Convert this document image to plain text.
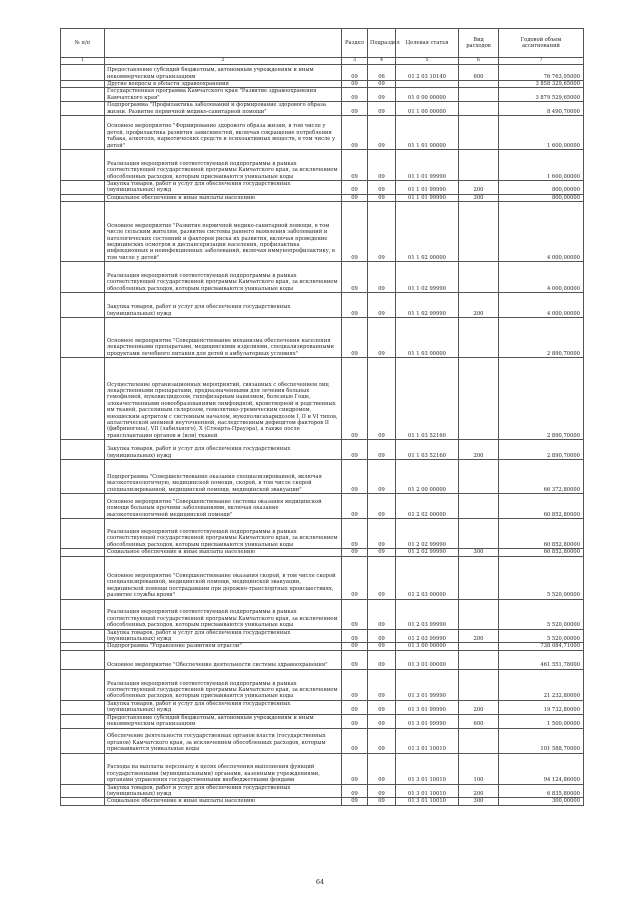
№ п/п		Раздел	Подраздел	Целевая статья	Вид расходов	Годовой объем ассигнований
1	2	3	4	5	6	7
	Предоставление субсидий бюджетным, автономным учреждениям и иным некоммерческим организациям	09	06	01 2 03 10140	600	76 763,95000
	Другие вопросы в области здравоохранения	09	09			3 858 329,65000
	Государственная программа Камчатского края "Развитие здравоохранения Камчатского края"	09	09	01 0 00 00000		3 879 529,65000
	Подпрограмма "Профилактика заболеваний и формирование здорового образа жизни. Развитие первичной медико-санитарной помощи"	09	09	01 1 00 00000		8 490,70000
	Основное мероприятие "Формирование здорового образа жизни, в том числе у детей, профилактика развития зависимостей, включая сокращение потребления табака, алкоголя, наркотических средств и психоактивных веществ, в том числе у детей"	09	09	01 1 01 00000		1 600,00000
	Реализация мероприятий соответствующей подпрограммы в рамках соответствующей государственной программы Камчатского края, за исключением обособленных расходов, которым присваиваются уникальные коды	09	09	01 1 01 99990		1 600,00000
	Закупка товаров, работ и услуг для обеспечения государственных (муниципальных) нужд	09	09	01 1 01 99990	200	800,00000
	Социальное обеспечение и иные выплаты населению	09	09	01 1 01 99990	300	800,00000
	Основное мероприятие "Развитие первичной медико-санитарной помощи, в том числе сельским жителям, развитие системы раннего выявления заболеваний и патологических состояний и факторов риска их развития, включая проведение медицинских осмотров и диспансеризации населения, профилактика инфекционных и неинфекционных заболеваний, включая иммунопрофилактику, в том числе у детей"	09	09	01 1 02 00000		4 000,00000
	Реализация мероприятий соответствующей подпрограммы в рамках соответствующей государственной программы Камчатского края, за исключением обособленных расходов, которым присваиваются уникальные коды	09	09	01 1 02 99990		4 000,00000
	Закупка товаров, работ и услуг для обеспечения государственных (муниципальных) нужд	09	09	01 1 02 99990	200	4 000,00000
	Основное мероприятие "Совершенствование механизма обеспечения населения лекарственными препаратами, медицинскими изделиями, специализированными продуктами лечебного питания для детей в амбулаторных условиях"	09	09	01 1 03 00000		2 890,70000
	Осуществление организационных мероприятий, связанных с обеспечением лиц лекарственными препаратами, предназначенными для лечения больных гемофилией, муковисцидозом, гипофизарным нанизмом, болезнью Гоше, злокачественными новообразованиями лимфоидной, кроветворной и родственных им тканей, рассеянным склерозом, гемолитико-уремическим синдромом, юношеским артритом с системным началом, мукополисахаридозом I, II и VI типов, апластической анемией неуточненной, наследственным дефицитом факторов II (фибриногена), VII (лабильного), X (Стюарта-Прауэра), а также после трансплантации органов и (или) тканей	09	09	01 1 03 52160		2 890,70000
	Закупка товаров, работ и услуг для обеспечения государственных (муниципальных) нужд	09	09	01 1 03 52160	200	2 890,70000
	Подпрограмма "Совершенствование оказания специализированной, включая высокотехнологичную, медицинской помощи, скорой, в том числе скорой специализированной, медицинской помощи, медицинской эвакуации"	09	09	01 2 00 00000		66 372,80000
	Основное мероприятие "Совершенствование системы оказания медицинской помощи больным прочими заболеваниями, включая оказание высокотехнологичной медицинской помощи"	09	09	01 2 02 00000		60 852,80000
	Реализация мероприятий соответствующей подпрограммы в рамках соответствующей государственной программы Камчатского края, за исключением обособленных расходов, которым присваиваются уникальные коды	09	09	01 2 02 99990		60 852,80000
	Социальное обеспечение и иные выплаты населению	09	09	01 2 02 99990	300	60 852,80000
	Основное мероприятие "Совершенствование оказания скорой, в том числе скорой специализированной, медицинской помощи, медицинской эвакуации, медицинской помощи пострадавшим при дорожно-транспортных происшествиях, развитие службы крови"	09	09	01 2 03 00000		5 520,00000
	Реализация мероприятий соответствующей подпрограммы в рамках соответствующей государственной программы Камчатского края, за исключением обособленных расходов, которым присваиваются уникальные коды	09	09	01 2 03 99990		5 520,00000
	Закупка товаров, работ и услуг для обеспечения государственных (муниципальных) нужд	09	09	01 2 03 99990	200	5 520,00000
	Подпрограмма "Управление развитием отрасли"	09	09	01 3 00 00000		738 084,71000
	Основное мероприятие "Обеспечение деятельности системы здравоохранения"	09	09	01 3 01 00000		461 551,78000
	Реализация мероприятий соответствующей подпрограммы в рамках соответствующей государственной программы Камчатского края, за исключением обособленных расходов, которым присваиваются уникальные коды	09	09	01 3 01 99990		21 232,80000
	Закупка товаров, работ и услуг для обеспечения государственных (муниципальных) нужд	09	09	01 3 01 99990	200	19 732,80000
	Предоставление субсидий бюджетным, автономным учреждениям и иным некоммерческим организациям	09	09	01 3 01 99990	600	1 500,00000
	Обеспечение деятельности государственных органов власти (государственных органов) Камчатского края, за исключением обособленных расходов, которым присваиваются уникальные коды	09	09	01 3 01 10010		101 588,70000
	Расходы на выплаты персоналу в целях обеспечения выполнения функций государственными (муниципальными) органами, казенными учреждениями, органами управления государственными внебюджетными фондами	09	09	01 3 01 10010	100	94 124,86000
	Закупка товаров, работ и услуг для обеспечения государственных (муниципальных) нужд	09	09	01 3 01 10010	200	6 835,80000
	Социальное обеспечение и иные выплаты населению	09	09	01 3 01 10010	300	300,00000
64
